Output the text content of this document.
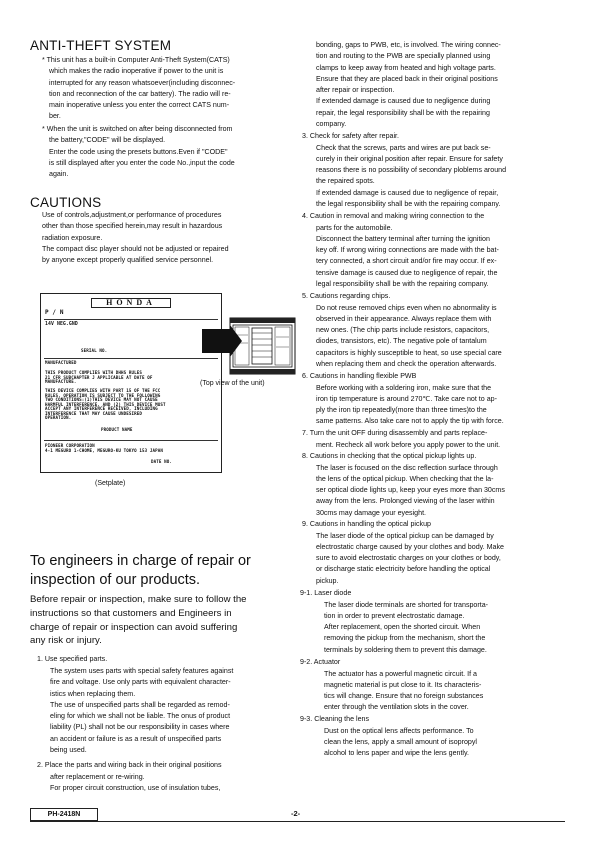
ANTI-THEFT SYSTEM
* This unit has a built-in Computer Anti-Theft System(CATS)
which makes the radio inoperative if power to the unit is
interrupted for any reason whatsoever(including disconnec-
tion and reconnection of the car battery). The radio will re-
main inoperative unless you enter the correct CATS num-
ber.
* When the unit is switched on after being disconnected from
the battery,"CODE" will be displayed.
Enter the code using the presets buttons.Even if "CODE"
is still displayed after you enter the code No.,input the code
again.
CAUTIONS
Use of controls,adjustment,or performance of procedures
other than those specified herein,may result in hazardous
radiation exposure.
The compact disc player should not be adjusted or repaired
by anyone except properly qualified service personnel.
HONDA
P / N
14V NEG.GND
SERIAL NO.
MANUFACTURED
THIS PRODUCT COMPLIES WITH DHHS RULES
21 CFR SUBCHAPTER J APPLICABLE AT DATE OF
MANUFACTURE.
THIS DEVICE COMPLIES WITH PART 15 OF THE FCC
RULES. OPERATION IS SUBJECT TO THE FOLLOWING
TWO CONDITIONS:(1)THIS DEVICE MAY NOT CAUSE
HARMFUL INTERFERENCE, AND (2) THIS DEVICE MUST
ACCEPT ANY INTERFERENCE RECEIVED, INCLUDING
INTERFERENCE THAT MAY CAUSE UNDESIRED
OPERATION.
PRODUCT NAME
PIONEER CORPORATION
4-1 MEGURO 1-CHOME, MEGURO-KU TOKYO 153 JAPAN
DATE NO.
(Setplate)
(Top view of the unit)
To engineers in charge of repair or
inspection of our products.
Before repair or inspection, make sure to follow the
instructions so that customers and Engineers in
charge of repair or inspection can avoid suffering
any risk or injury.
1. Use specified parts.
The system uses parts with special safety features against
fire and voltage. Use only parts with equivalent character-
istics when replacing them.
The use of unspecified parts shall be regarded as remod-
eling for which we shall not be liable. The onus of product
liability (PL) shall not be our responsibility in cases where
an accident or failure is as a result of unspecified parts
being used.
2. Place the parts and wiring back in their original positions
after replacement or re-wiring.
For proper circuit construction, use of insulation tubes,
bonding, gaps to PWB, etc, is involved. The wiring connec-
tion and routing to the PWB are specially planned using
clamps to keep away from heated and high voltage parts.
Ensure that they are placed back in their original positions
after repair or inspection.
If extended damage is caused due to negligence during
repair, the legal responsibility shall be with the repairing
company.
3. Check for safety after repair.
Check that the screws, parts and wires are put back se-
curely in their original position after repair. Ensure for safety
reasons there is no possibility of secondary ploblems around
the repaired spots.
If extended damage is caused due to negligence of repair,
the legal responsibility shall be with the repairing company.
4. Caution in removal and making wiring connection to the
parts for the automobile.
Disconnect the battery terminal after turning the ignition
key off. If wrong wiring connections are made with the bat-
tery connected, a short circuit and/or fire may occur. If ex-
tensive damage is caused due to negligence of repair, the
legal responsibility shall be with the repairing company.
5. Cautions regarding chips.
Do not reuse removed chips even when no abnormality is
observed in their appearance. Always replace them with
new ones. (The chip parts include resistors, capacitors,
diodes, transistors, etc). The negative pole of tantalum
capacitors is highly susceptible to heat, so use special care
when replacing them and check the operation afterwards.
6. Cautions in handling flexible PWB
Before working with a soldering iron, make sure that the
iron tip temperature is around 270℃. Take care not to ap-
ply the iron tip repeatedly(more than three times)to the
same patterns. Also take care not to apply the tip with force.
7. Turn the unit OFF during disassembly and parts replace-
ment. Recheck all work before you apply power to the unit.
8. Cautions in checking that the optical pickup lights up.
The laser is focused on the disc reflection surface through
the lens of the optical pickup. When checking that the la-
ser optical diode lights up, keep your eyes more than 30cms
away from the lens. Prolonged viewing of the laser within
30cms may damage your eyesight.
9. Cautions in handling the optical pickup
The laser diode of the optical pickup can be damaged by
electrostatic charge caused by your clothes and body. Make
sure to avoid electrostatic charges on your clothes or body,
or discharge static electricity before handling the optical
pickup.
9-1. Laser diode
The laser diode terminals are shorted for transporta-
tion in order to prevent electrostatic damage.
After replacement, open the shorted circuit. When
removing the pickup from the mechanism, short the
terminals by soldering them to prevent this damage.
9-2. Actuator
The actuator has a powerful magnetic circuit. If a
magnetic material is put close to it. Its characteris-
tics will change. Ensure that no foreign substances
enter through the ventilation slots in the cover.
9-3. Cleaning the lens
Dust on the optical lens affects performance. To
clean the lens, apply a small amount of isopropyl
alcohol to lens paper and wipe the lens gently.
PH-2418N	-2-
